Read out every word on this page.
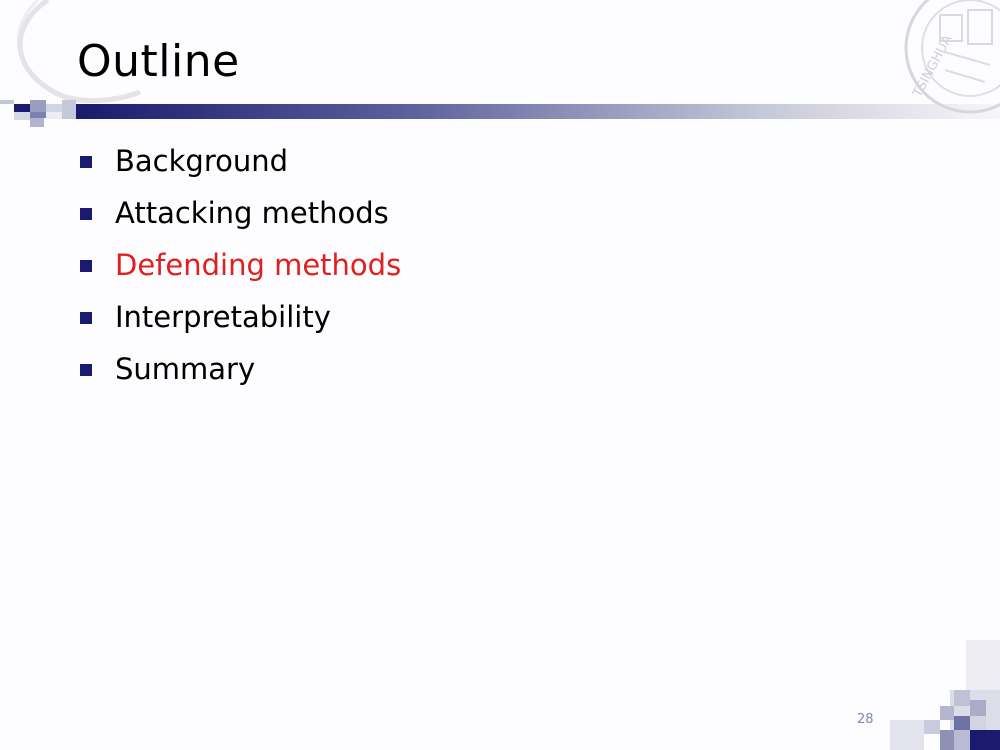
Outline	TSINGHUA
Background
Attacking methods
Defending methods
Interpretability
Summary
28
